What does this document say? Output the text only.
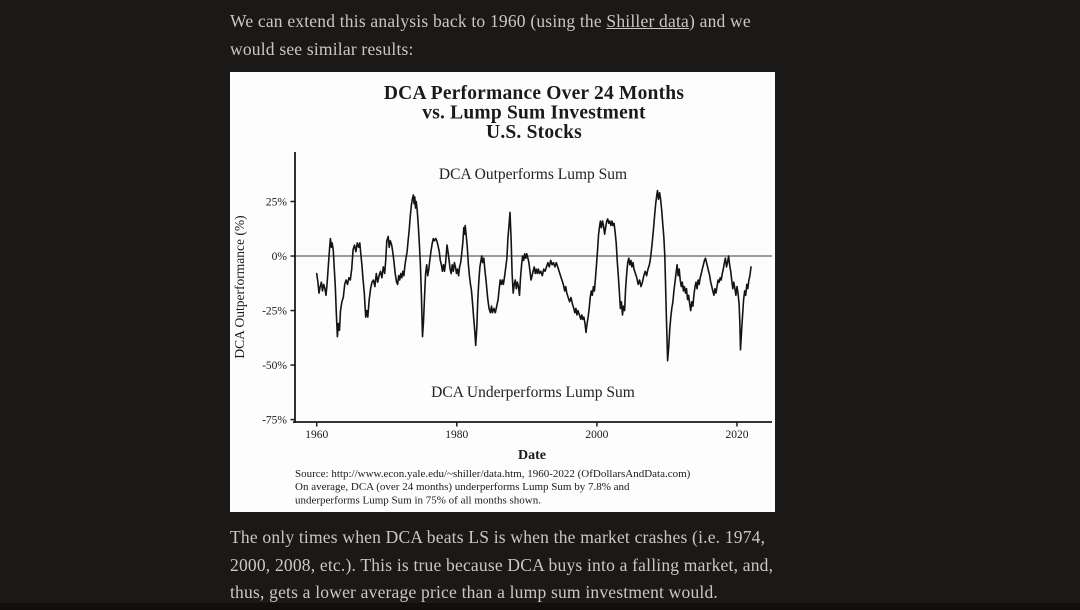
We can extend this analysis back to 1960 (using the Shiller data) and we
would see similar results:
DCA Performance Over 24 Months
vs. Lump Sum Investment
U.S. Stocks
25%
0%
-25%
-50%
-75%
1960	1980	2000	2020
Date
DCA Outperformance (%)
DCA Outperforms Lump Sum
DCA Underperforms Lump Sum
Source: http://www.econ.yale.edu/~shiller/data.htm, 1960-2022 (OfDollarsAndData.com)
On average, DCA (over 24 months) underperforms Lump Sum by 7.8% and
underperforms Lump Sum in 75% of all months shown.
The only times when DCA beats LS is when the market crashes (i.e. 1974,
2000, 2008, etc.). This is true because DCA buys into a falling market, and,
thus, gets a lower average price than a lump sum investment would.
